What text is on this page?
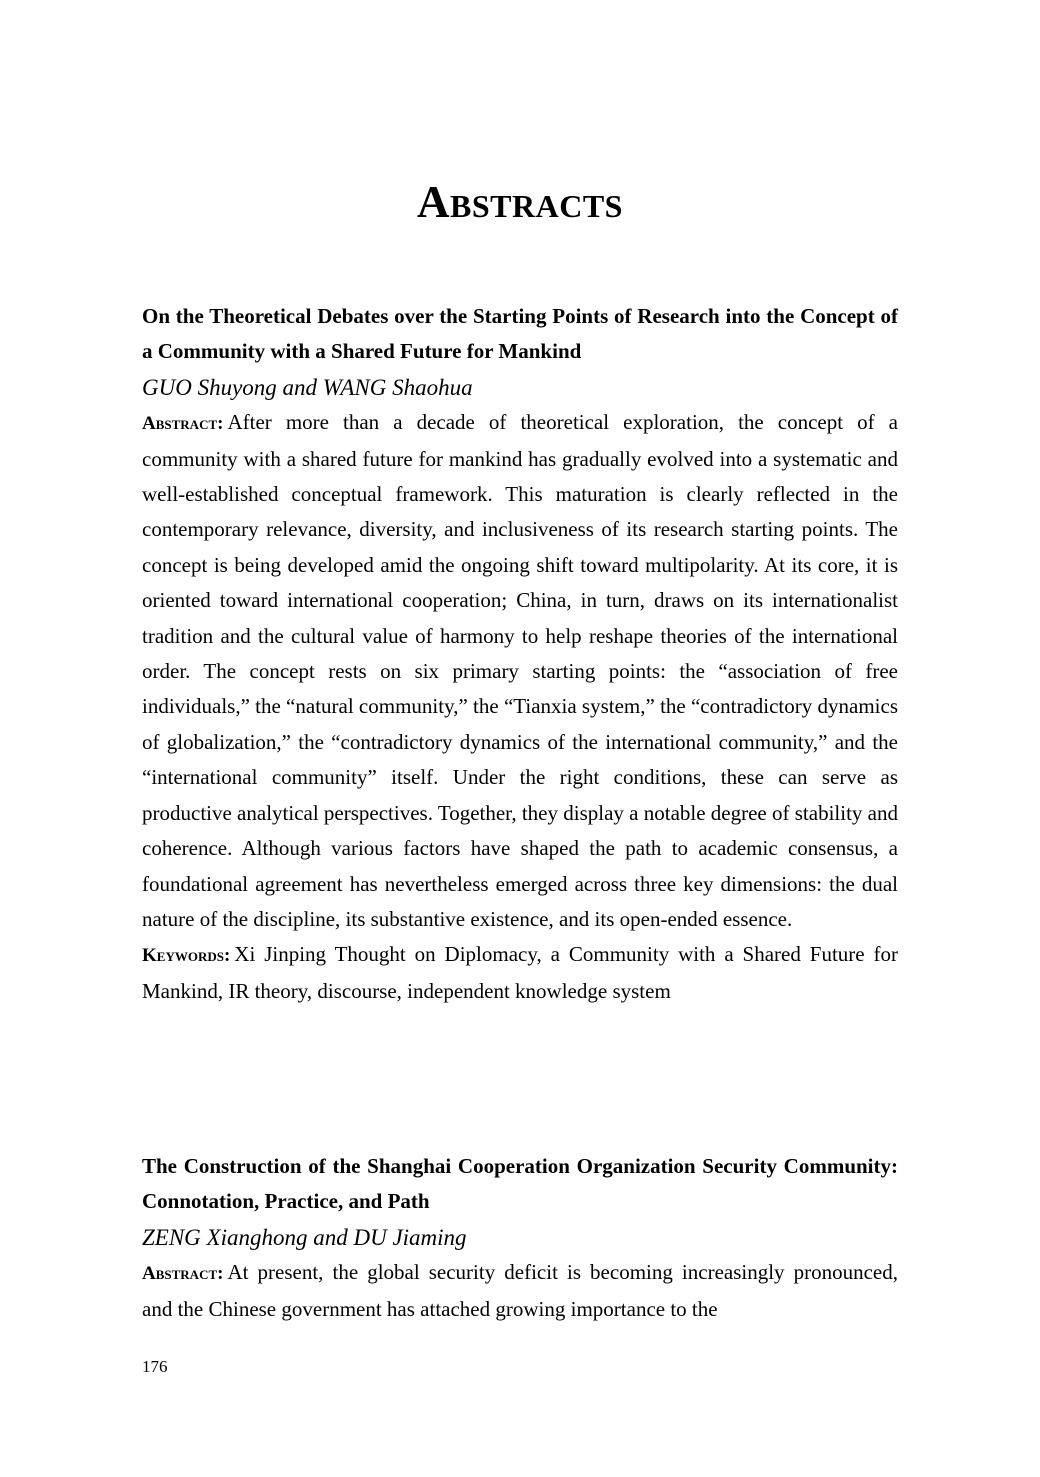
Abstracts
On the Theoretical Debates over the Starting Points of Research into the Concept of a Community with a Shared Future for Mankind
GUO Shuyong and WANG Shaohua
Abstract: After more than a decade of theoretical exploration, the concept of a community with a shared future for mankind has gradually evolved into a systematic and well-established conceptual framework. This maturation is clearly reflected in the contemporary relevance, diversity, and inclusiveness of its research starting points. The concept is being developed amid the ongoing shift toward multipolarity. At its core, it is oriented toward international cooperation; China, in turn, draws on its internationalist tradition and the cultural value of harmony to help reshape theories of the international order. The concept rests on six primary starting points: the “association of free individuals,” the “natural community,” the “Tianxia system,” the “contradictory dynamics of globalization,” the “contradictory dynamics of the international community,” and the “international community” itself. Under the right conditions, these can serve as productive analytical perspectives. Together, they display a notable degree of stability and coherence. Although various factors have shaped the path to academic consensus, a foundational agreement has nevertheless emerged across three key dimensions: the dual nature of the discipline, its substantive existence, and its open-ended essence.
Keywords: Xi Jinping Thought on Diplomacy, a Community with a Shared Future for Mankind, IR theory, discourse, independent knowledge system
The Construction of the Shanghai Cooperation Organization Security Community: Connotation, Practice, and Path
ZENG Xianghong and DU Jiaming
Abstract: At present, the global security deficit is becoming increasingly pronounced, and the Chinese government has attached growing importance to the
176
